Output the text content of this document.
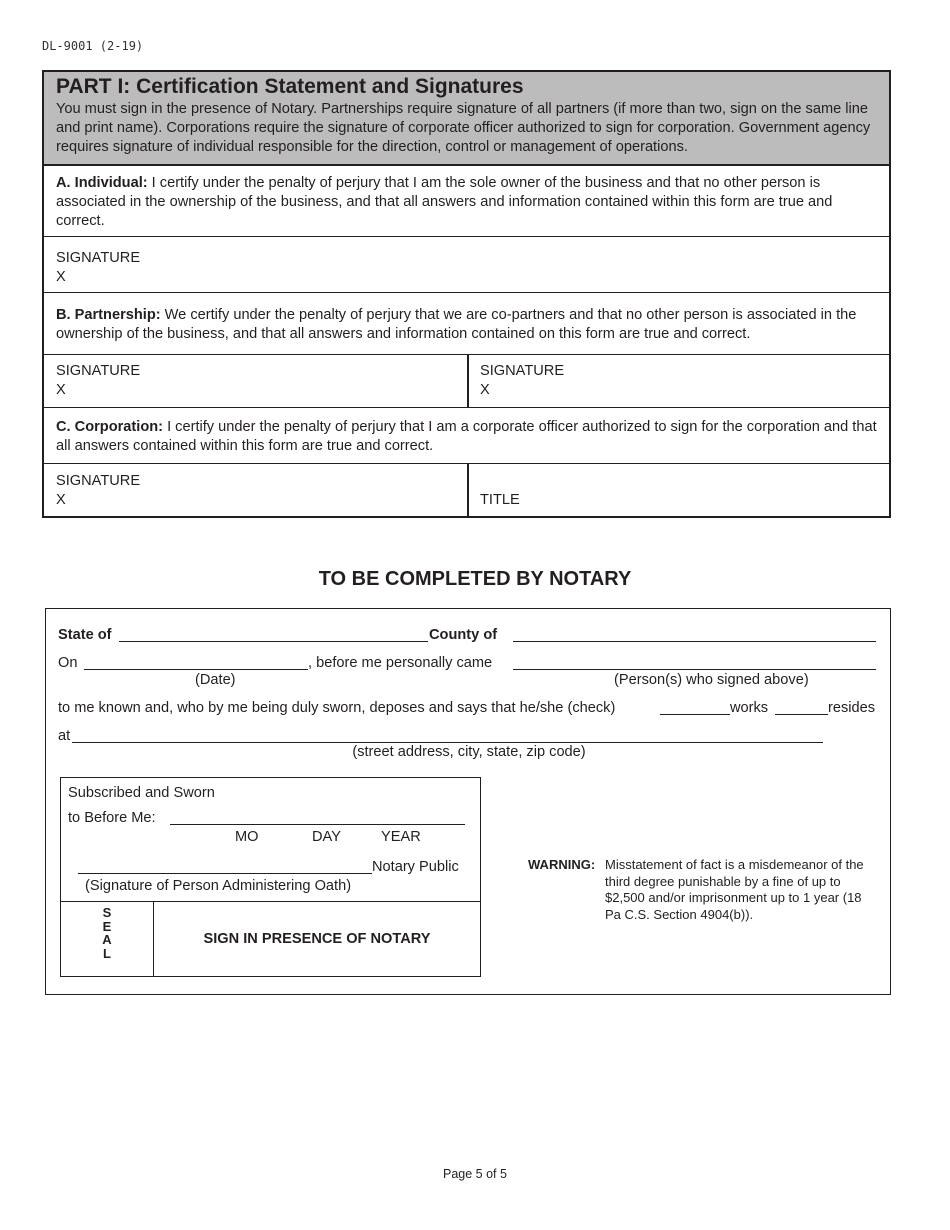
DL-9001 (2-19)
PART I: Certification Statement and Signatures
You must sign in the presence of Notary. Partnerships require signature of all partners (if more than two, sign on the same line and print name). Corporations require the signature of corporate officer authorized to sign for corporation. Government agency requires signature of individual responsible for the direction, control or management of operations.
A. Individual: I certify under the penalty of perjury that I am the sole owner of the business and that no other person is associated in the ownership of the business, and that all answers and information contained within this form are true and correct.
SIGNATURE
X
B. Partnership: We certify under the penalty of perjury that we are co-partners and that no other person is associated in the ownership of the business, and that all answers and information contained on this form are true and correct.
SIGNATURE
X
SIGNATURE
X
C. Corporation: I certify under the penalty of perjury that I am a corporate officer authorized to sign for the corporation and that all answers contained within this form are true and correct.
SIGNATURE
X	TITLE
TO BE COMPLETED BY NOTARY
State of	County of
On	, before me personally came
(Date)	(Person(s) who signed above)
to me known and, who by me being duly sworn, deposes and says that he/she (check)	works	resides
at
(street address, city, state, zip code)
Subscribed and Sworn
to Before Me:
MO	DAY	YEAR
Notary Public
(Signature of Person Administering Oath)
S
E
A
L
SIGN IN PRESENCE OF NOTARY
WARNING: Misstatement of fact is a misdemeanor of the third degree punishable by a fine of up to $2,500 and/or imprisonment up to 1 year (18 Pa C.S. Section 4904(b)).
Page 5 of 5
